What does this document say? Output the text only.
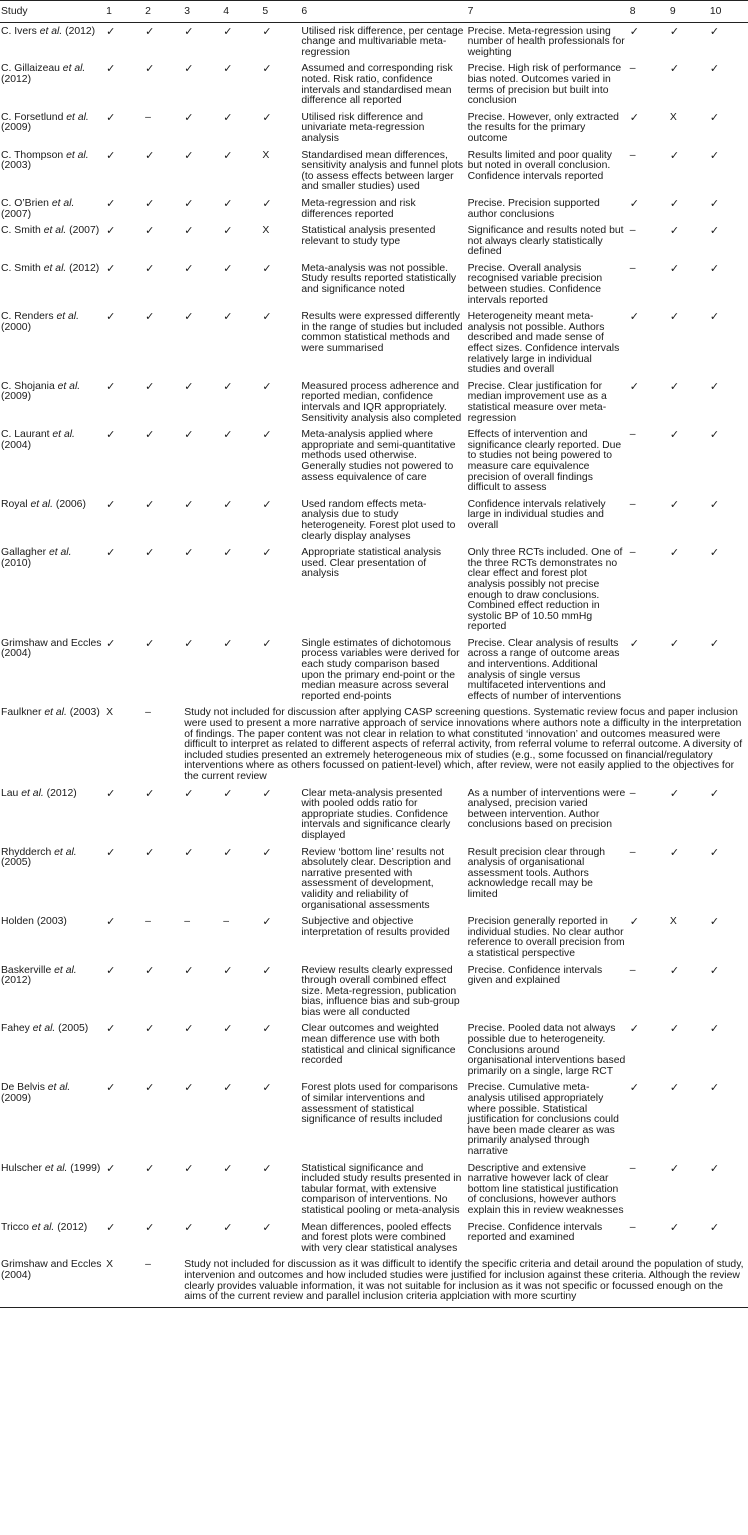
Study	1	2	3	4	5	6	7	8	9	10
C. Ivers et al. (2012)	✓	✓	✓	✓	✓	Utilised risk difference, per centage change and multivariable meta-regression	Precise. Meta-regression using number of health professionals for weighting	✓	✓	✓
C. Gillaizeau et al. (2012)	✓	✓	✓	✓	✓	Assumed and corresponding risk noted. Risk ratio, confidence intervals and standardised mean difference all reported	Precise. High risk of performance bias noted. Outcomes varied in terms of precision but built into conclusion	–	✓	✓
C. Forsetlund et al. (2009)	✓	–	✓	✓	✓	Utilised risk difference and univariate meta-regression analysis	Precise. However, only extracted the results for the primary outcome	✓	X	✓
C. Thompson et al. (2003)	✓	✓	✓	✓	X	Standardised mean differences, sensitivity analysis and funnel plots (to assess effects between larger and smaller studies) used	Results limited and poor quality but noted in overall conclusion. Confidence intervals reported	–	✓	✓
C. O’Brien et al. (2007)	✓	✓	✓	✓	✓	Meta-regression and risk differences reported	Precise. Precision supported author conclusions	✓	✓	✓
C. Smith et al. (2007)	✓	✓	✓	✓	X	Statistical analysis presented relevant to study type	Significance and results noted but not always clearly statistically defined	–	✓	✓
C. Smith et al. (2012)	✓	✓	✓	✓	✓	Meta-analysis was not possible. Study results reported statistically and significance noted	Precise. Overall analysis recognised variable precision between studies. Confidence intervals reported	–	✓	✓
C. Renders et al. (2000)	✓	✓	✓	✓	✓	Results were expressed differently in the range of studies but included common statistical methods and were summarised	Heterogeneity meant meta-analysis not possible. Authors described and made sense of effect sizes. Confidence intervals relatively large in individual studies and overall	✓	✓	✓
C. Shojania et al. (2009)	✓	✓	✓	✓	✓	Measured process adherence and reported median, confidence intervals and IQR appropriately. Sensitivity analysis also completed	Precise. Clear justification for median improvement use as a statistical measure over meta-regression	✓	✓	✓
C. Laurant et al. (2004)	✓	✓	✓	✓	✓	Meta-analysis applied where appropriate and semi-quantitative methods used otherwise. Generally studies not powered to assess equivalence of care	Effects of intervention and significance clearly reported. Due to studies not being powered to measure care equivalence precision of overall findings difficult to assess	–	✓	✓
Royal et al. (2006)	✓	✓	✓	✓	✓	Used random effects meta-analysis due to study heterogeneity. Forest plot used to clearly display analyses	Confidence intervals relatively large in individual studies and overall	–	✓	✓
Gallagher et al. (2010)	✓	✓	✓	✓	✓	Appropriate statistical analysis used. Clear presentation of analysis	Only three RCTs included. One of the three RCTs demonstrates no clear effect and forest plot analysis possibly not precise enough to draw conclusions. Combined effect reduction in systolic BP of 10.50 mmHg reported	–	✓	✓
Grimshaw and Eccles (2004)	✓	✓	✓	✓	✓	Single estimates of dichotomous process variables were derived for each study comparison based upon the primary end-point or the median measure across several reported end-points	Precise. Clear analysis of results across a range of outcome areas and interventions. Additional analysis of single versus multifaceted interventions and effects of number of interventions	✓	✓	✓
Faulkner et al. (2003)	X	–	Study not included for discussion after applying CASP screening questions. Systematic review focus and paper inclusion were used to present a more narrative approach of service innovations where authors note a difficulty in the interpretation of findings. The paper content was not clear in relation to what constituted ‘innovation’ and outcomes measured were difficult to interpret as related to different aspects of referral activity, from referral volume to referral outcome. A diversity of included studies presented an extremely heterogeneous mix of studies (e.g., some focussed on financial/regulatory interventions where as others focussed on patient-level) which, after review, were not easily applied to the objectives for the current review							
Lau et al. (2012)	✓	✓	✓	✓	✓	Clear meta-analysis presented with pooled odds ratio for appropriate studies. Confidence intervals and significance clearly displayed	As a number of interventions were analysed, precision varied between intervention. Author conclusions based on precision	–	✓	✓
Rhydderch et al. (2005)	✓	✓	✓	✓	✓	Review ‘bottom line’ results not absolutely clear. Description and narrative presented with assessment of development, validity and reliability of organisational assessments	Result precision clear through analysis of organisational assessment tools. Authors acknowledge recall may be limited	–	✓	✓
Holden (2003)	✓	–	–	–	✓	Subjective and objective interpretation of results provided	Precision generally reported in individual studies. No clear author reference to overall precision from a statistical perspective	✓	X	✓
Baskerville et al. (2012)	✓	✓	✓	✓	✓	Review results clearly expressed through overall combined effect size. Meta-regression, publication bias, influence bias and sub-group bias were all conducted	Precise. Confidence intervals given and explained	–	✓	✓
Fahey et al. (2005)	✓	✓	✓	✓	✓	Clear outcomes and weighted mean difference use with both statistical and clinical significance recorded	Precise. Pooled data not always possible due to heterogeneity. Conclusions around organisational interventions based primarily on a single, large RCT	✓	✓	✓
De Belvis et al. (2009)	✓	✓	✓	✓	✓	Forest plots used for comparisons of similar interventions and assessment of statistical significance of results included	Precise. Cumulative meta-analysis utilised appropriately where possible. Statistical justification for conclusions could have been made clearer as was primarily analysed through narrative	✓	✓	✓
Hulscher et al. (1999)	✓	✓	✓	✓	✓	Statistical significance and included study results presented in tabular format, with extensive comparison of interventions. No statistical pooling or meta-analysis	Descriptive and extensive narrative however lack of clear bottom line statistical justification of conclusions, however authors explain this in review weaknesses	–	✓	✓
Tricco et al. (2012)	✓	✓	✓	✓	✓	Mean differences, pooled effects and forest plots were combined with very clear statistical analyses	Precise. Confidence intervals reported and examined	–	✓	✓
Grimshaw and Eccles (2004)	X	–	Study not included for discussion as it was difficult to identify the specific criteria and detail around the population of study, intervenion and outcomes and how included studies were justified for inclusion against these criteria. Although the review clearly provides valuable information, it was not suitable for inclusion as it was not specific or focussed enough on the aims of the current review and parallel inclusion criteria applciation with more scurtiny							
